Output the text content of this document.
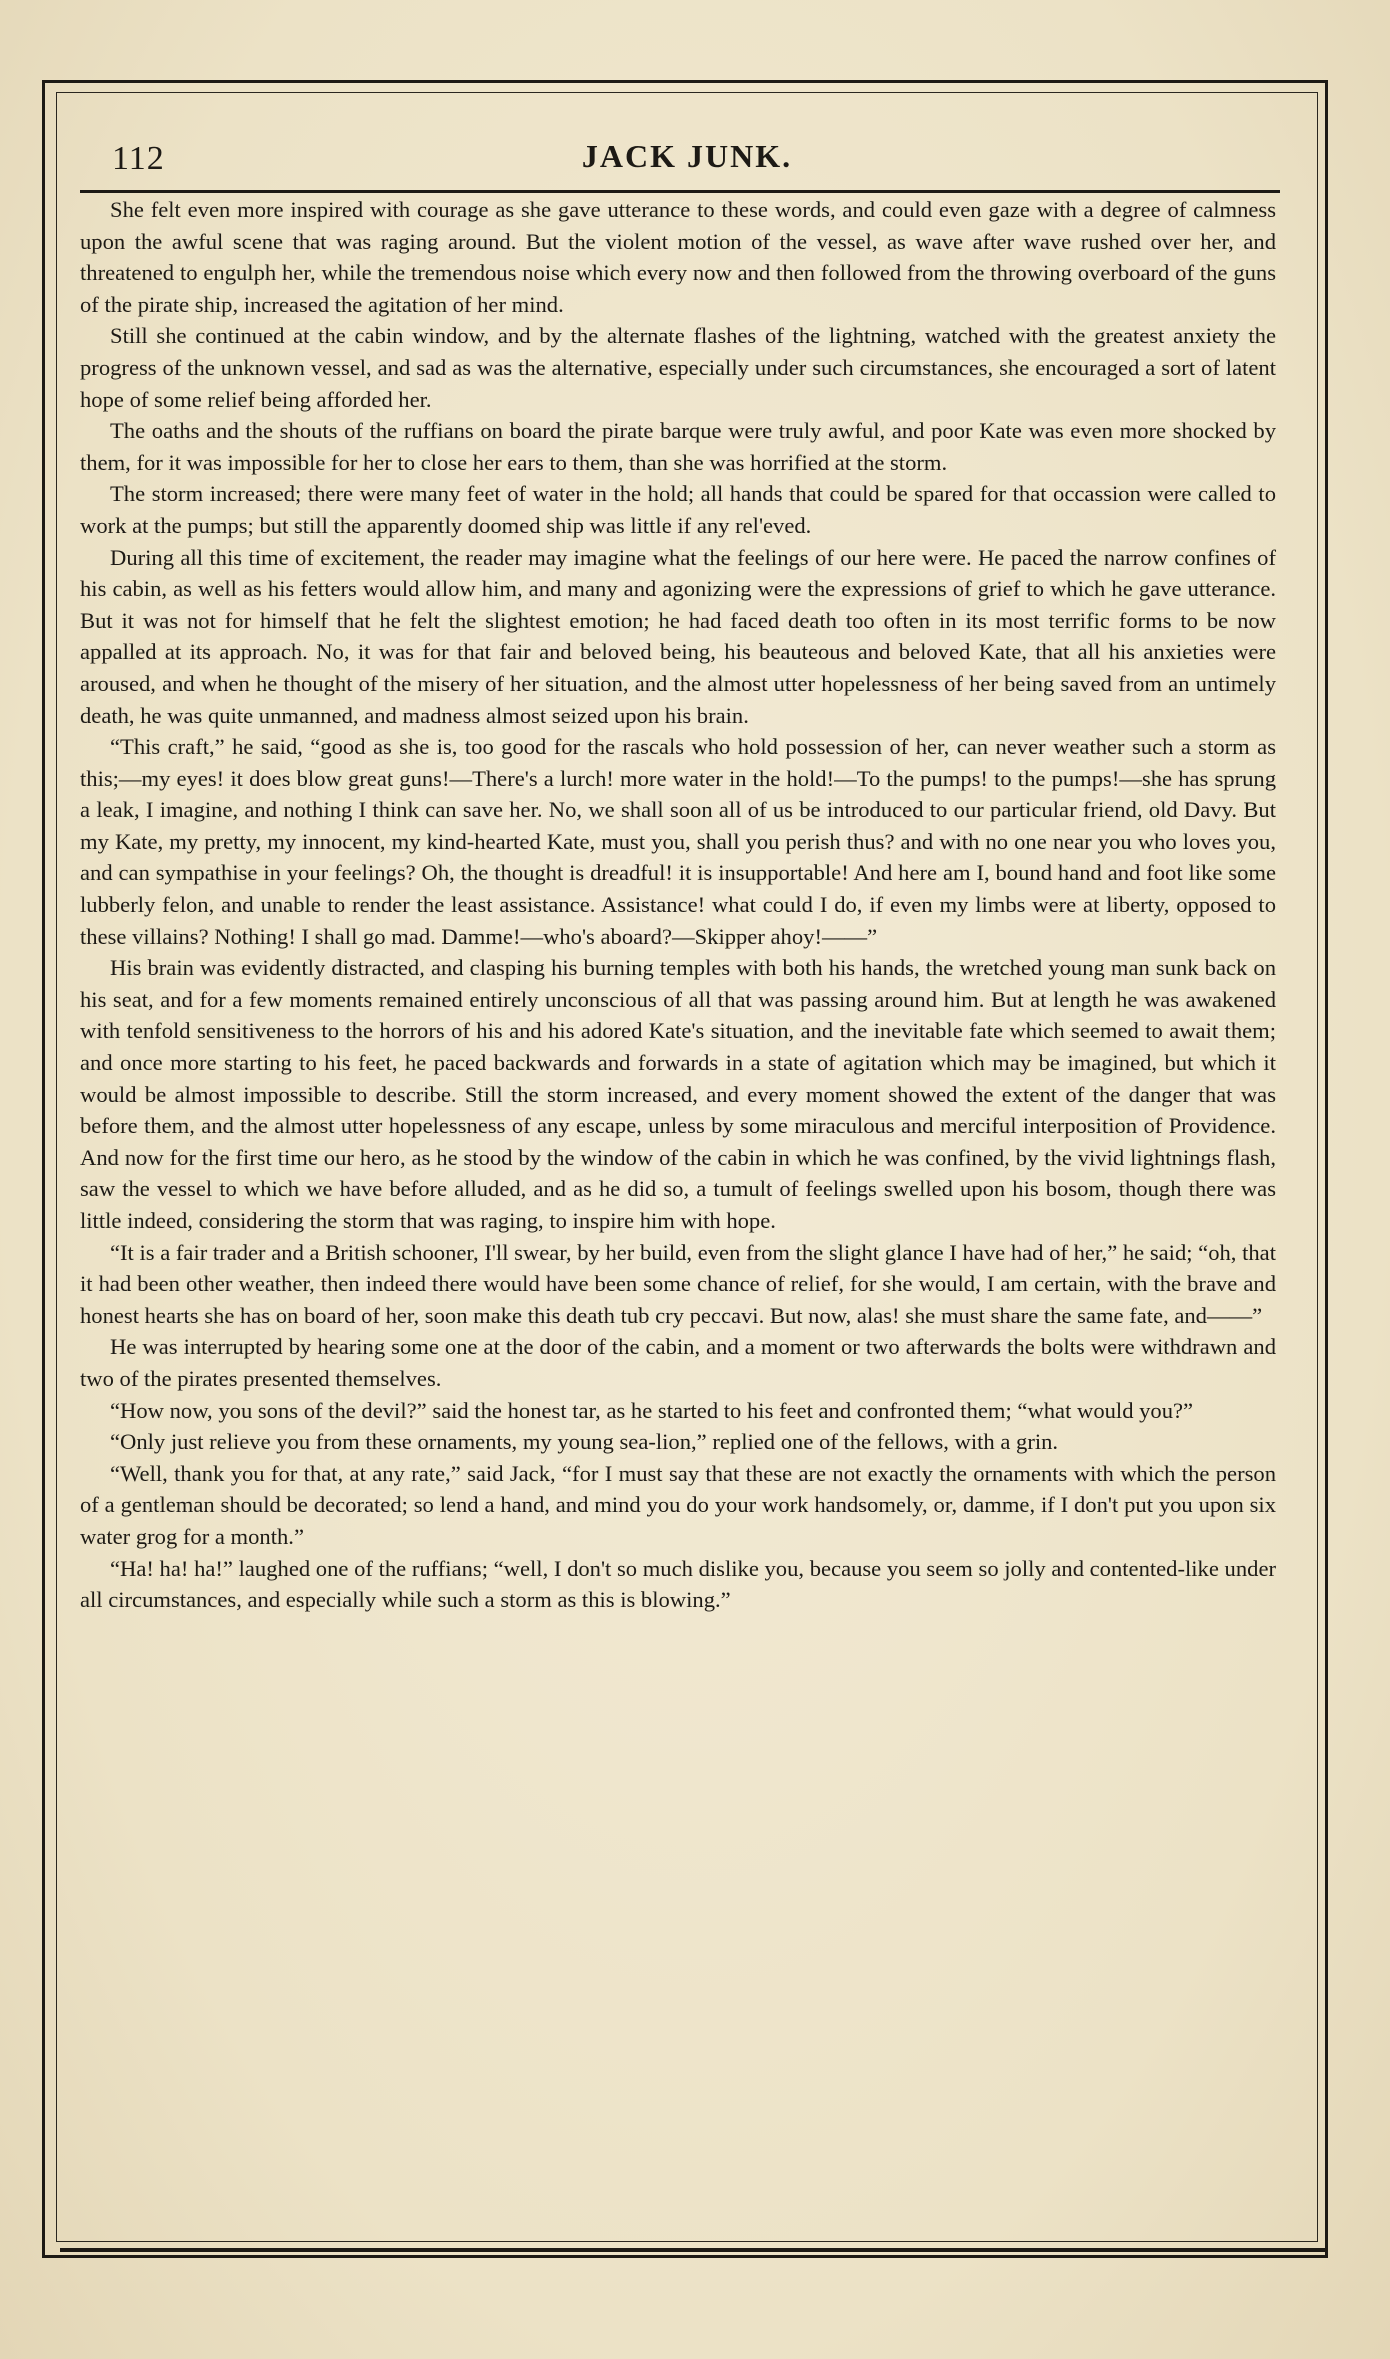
112	JACK JUNK.

She felt even more inspired with courage as she gave utterance to these words, and could even gaze with a degree of calmness upon the awful scene that was raging around. But the violent motion of the vessel, as wave after wave rushed over her, and threatened to engulph her, while the tremendous noise which every now and then followed from the throwing overboard of the guns of the pirate ship, increased the agitation of her mind.

Still she continued at the cabin window, and by the alternate flashes of the lightning, watched with the greatest anxiety the progress of the unknown vessel, and sad as was the alternative, especially under such circumstances, she encouraged a sort of latent hope of some relief being afforded her.

The oaths and the shouts of the ruffians on board the pirate barque were truly awful, and poor Kate was even more shocked by them, for it was impossible for her to close her ears to them, than she was horrified at the storm.

The storm increased; there were many feet of water in the hold; all hands that could be spared for that occassion were called to work at the pumps; but still the apparently doomed ship was little if any rel'eved.

During all this time of excitement, the reader may imagine what the feelings of our here were. He paced the narrow confines of his cabin, as well as his fetters would allow him, and many and agonizing were the expressions of grief to which he gave utterance. But it was not for himself that he felt the slightest emotion; he had faced death too often in its most terrific forms to be now appalled at its approach. No, it was for that fair and beloved being, his beauteous and beloved Kate, that all his anxieties were aroused, and when he thought of the misery of her situation, and the almost utter hopelessness of her being saved from an untimely death, he was quite unmanned, and madness almost seized upon his brain.

“This craft,” he said, “good as she is, too good for the rascals who hold possession of her, can never weather such a storm as this;—my eyes! it does blow great guns!—There's a lurch! more water in the hold!—To the pumps! to the pumps!—she has sprung a leak, I imagine, and nothing I think can save her. No, we shall soon all of us be introduced to our particular friend, old Davy. But my Kate, my pretty, my innocent, my kind-hearted Kate, must you, shall you perish thus? and with no one near you who loves you, and can sympathise in your feelings? Oh, the thought is dreadful! it is insupportable! And here am I, bound hand and foot like some lubberly felon, and unable to render the least assistance. Assistance! what could I do, if even my limbs were at liberty, opposed to these villains? Nothing! I shall go mad. Damme!—who's aboard?—Skipper ahoy!——”

His brain was evidently distracted, and clasping his burning temples with both his hands, the wretched young man sunk back on his seat, and for a few moments remained entirely unconscious of all that was passing around him. But at length he was awakened with tenfold sensitiveness to the horrors of his and his adored Kate's situation, and the inevitable fate which seemed to await them; and once more starting to his feet, he paced backwards and forwards in a state of agitation which may be imagined, but which it would be almost impossible to describe. Still the storm increased, and every moment showed the extent of the danger that was before them, and the almost utter hopelessness of any escape, unless by some miraculous and merciful interposition of Providence. And now for the first time our hero, as he stood by the window of the cabin in which he was confined, by the vivid lightnings flash, saw the vessel to which we have before alluded, and as he did so, a tumult of feelings swelled upon his bosom, though there was little indeed, considering the storm that was raging, to inspire him with hope.

“It is a fair trader and a British schooner, I'll swear, by her build, even from the slight glance I have had of her,” he said; “oh, that it had been other weather, then indeed there would have been some chance of relief, for she would, I am certain, with the brave and honest hearts she has on board of her, soon make this death tub cry peccavi. But now, alas! she must share the same fate, and——”

He was interrupted by hearing some one at the door of the cabin, and a moment or two afterwards the bolts were withdrawn and two of the pirates presented themselves.

“How now, you sons of the devil?” said the honest tar, as he started to his feet and confronted them; “what would you?”

“Only just relieve you from these ornaments, my young sea-lion,” replied one of the fellows, with a grin.

“Well, thank you for that, at any rate,” said Jack, “for I must say that these are not exactly the ornaments with which the person of a gentleman should be decorated; so lend a hand, and mind you do your work handsomely, or, damme, if I don't put you upon six water grog for a month.”

“Ha! ha! ha!” laughed one of the ruffians; “well, I don't so much dislike you, because you seem so jolly and contented-like under all circumstances, and especially while such a storm as this is blowing.”
